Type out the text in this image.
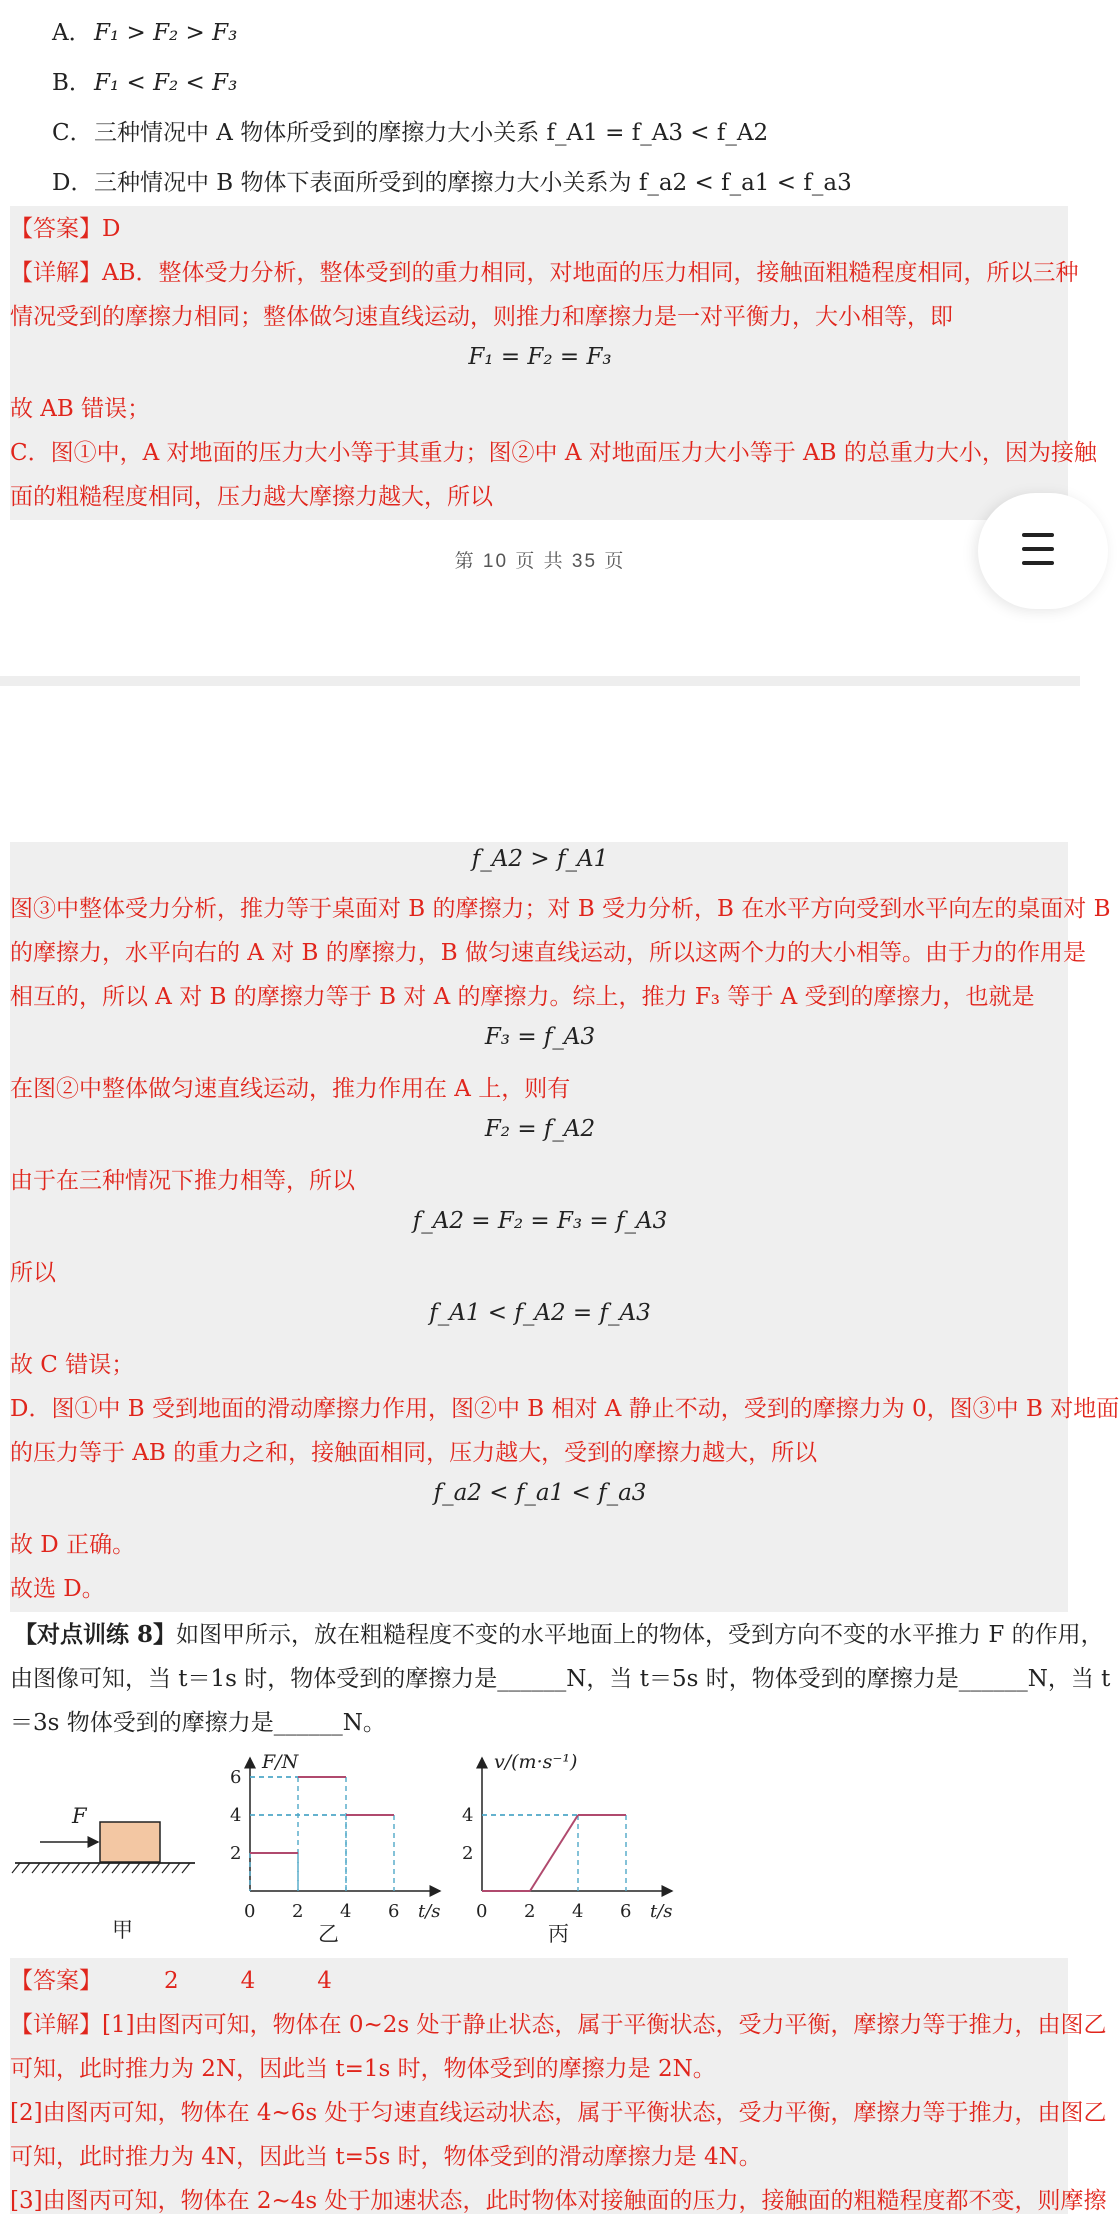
A． F₁ > F₂ > F₃
B．F₁ < F₂ < F₃
C．三种情况中 A 物体所受到的摩擦力大小关系 f_A1 = f_A3 < f_A2
D．三种情况中 B 物体下表面所受到的摩擦力大小关系为 f_a2 < f_a1 < f_a3
【答案】D
【详解】AB．整体受力分析，整体受到的重力相同，对地面的压力相同，接触面粗糙程度相同，所以三种
情况受到的摩擦力相同；整体做匀速直线运动，则推力和摩擦力是一对平衡力，大小相等，即
F₁ = F₂ = F₃
故 AB 错误；
C．图①中，A 对地面的压力大小等于其重力；图②中 A 对地面压力大小等于 AB 的总重力大小，因为接触
面的粗糙程度相同，压力越大摩擦力越大，所以
第 10 页 共 35 页
f_A2 > f_A1
图③中整体受力分析，推力等于桌面对 B 的摩擦力；对 B 受力分析，B 在水平方向受到水平向左的桌面对 B
的摩擦力，水平向右的 A 对 B 的摩擦力，B 做匀速直线运动，所以这两个力的大小相等。由于力的作用是
相互的，所以 A 对 B 的摩擦力等于 B 对 A 的摩擦力。综上，推力 F₃ 等于 A 受到的摩擦力，也就是
F₃ = f_A3
在图②中整体做匀速直线运动，推力作用在 A 上，则有
F₂ = f_A2
由于在三种情况下推力相等，所以
f_A2 = F₂ = F₃ = f_A3
所以
f_A1 < f_A2 = f_A3
故 C 错误；
D．图①中 B 受到地面的滑动摩擦力作用，图②中 B 相对 A 静止不动，受到的摩擦力为 0，图③中 B 对地面
的压力等于 AB 的重力之和，接触面相同，压力越大，受到的摩擦力越大，所以
f_a2 < f_a1 < f_a3
故 D 正确。
故选 D。
【对点训练 8】如图甲所示，放在粗糙程度不变的水平地面上的物体，受到方向不变的水平推力 F 的作用，
由图像可知，当 t＝1s 时，物体受到的摩擦力是______N，当 t＝5s 时，物体受到的摩擦力是______N，当 t
＝3s 物体受到的摩擦力是______N。
F
甲
F/N
t/s
0 2 4 6
6
4
2
乙
v/(m·s⁻¹)
t/s
0 2 4 6
4
2
丙
【答案】	2	4	4
【详解】[1]由图丙可知，物体在 0~2s 处于静止状态，属于平衡状态，受力平衡，摩擦力等于推力，由图乙
可知，此时推力为 2N，因此当 t=1s 时，物体受到的摩擦力是 2N。
[2]由图丙可知，物体在 4~6s 处于匀速直线运动状态，属于平衡状态，受力平衡，摩擦力等于推力，由图乙
可知，此时推力为 4N，因此当 t=5s 时，物体受到的滑动摩擦力是 4N。
[3]由图丙可知，物体在 2~4s 处于加速状态，此时物体对接触面的压力，接触面的粗糙程度都不变，则摩擦
